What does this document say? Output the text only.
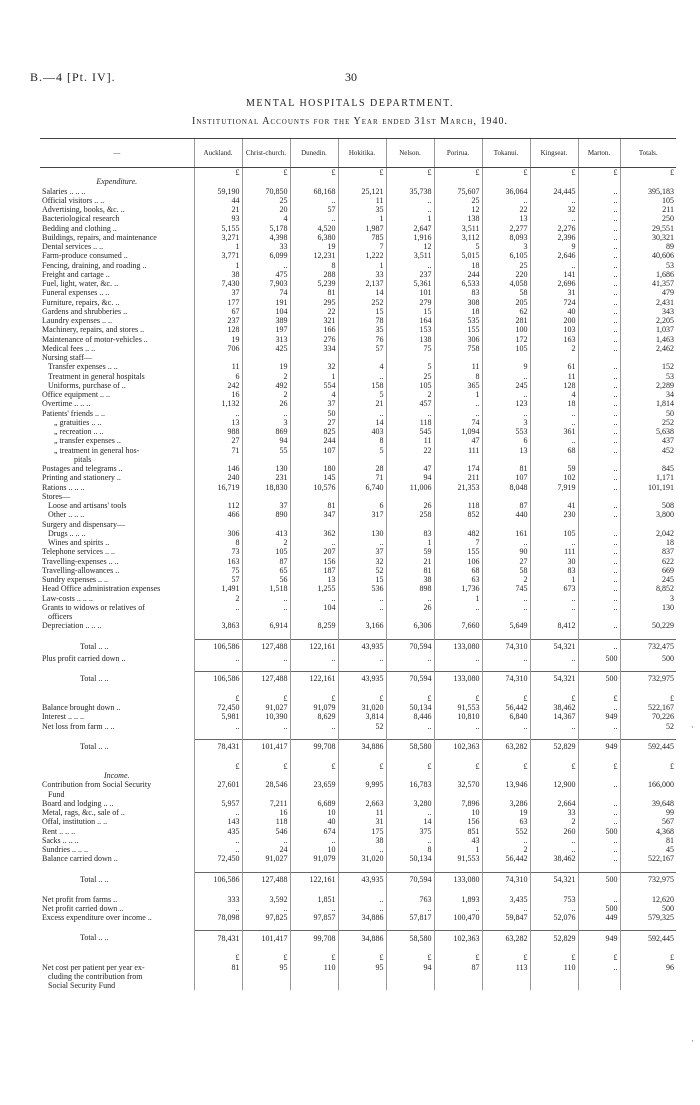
B.—4 [Pt. IV].	30
MENTAL HOSPITALS DEPARTMENT.
Institutional Accounts for the Year ended 31st March, 1940.
—	Auckland.	Christ-church.	Dunedin.	Hokitika.	Nelson.	Porirua.	Tokanui.	Kingseat.	Marton.	Totals.
	£	£	£	£	£	£	£	£	£	£
Expenditure.										
Salaries .. .. ..	59,190	70,850	68,168	25,121	35,738	75,607	36,064	24,445	..	395,183
Official visitors .. ..	44	25	..	11	..	25	..	..	..	105
Advertising, books, &c. ..	21	20	57	35	..	12	22	32	..	211
Bacteriological research	93	4	..	1	1	138	13	..	..	250
Bedding and clothing ..	5,155	5,178	4,520	1,987	2,647	3,511	2,277	2,276	..	29,551
Buildings, repairs, and maintenance	3,271	4,398	6,380	785	1,916	3,112	8,093	2,396	..	30,321
Dental services .. ..	1	33	19	7	12	5	3	9	..	89
Farm-produce consumed ..	3,771	6,099	12,231	1,222	3,511	5,015	6,105	2,646	..	40,606
Fencing, draining, and roading ..	1	..	8	1	..	18	25	..	..	53
Freight and cartage ..	38	475	288	33	237	244	220	141	..	1,686
Fuel, light, water, &c. ..	7,430	7,903	5,239	2,137	5,361	6,533	4,058	2,696	..	41,357
Funeral expenses .. ..	37	74	81	14	101	83	58	31	..	479
Furniture, repairs, &c. ..	177	191	295	252	279	308	205	724	..	2,431
Gardens and shrubberies ..	67	104	22	15	15	18	62	40	..	343
Laundry expenses .. ..	237	389	321	78	164	535	281	200	..	2,205
Machinery, repairs, and stores ..	128	197	166	35	153	155	100	103	..	1,037
Maintenance of motor-vehicles ..	19	313	276	76	138	306	172	163	..	1,463
Medical fees .. ..	706	425	334	57	75	758	105	2	..	2,462
Nursing staff—										
Transfer expenses .. ..	11	19	32	4	5	11	9	61	..	152
Treatment in general hospitals	6	2	1	..	25	8	..	11	..	53
Uniforms, purchase of ..	242	492	554	158	105	365	245	128	..	2,289
Office equipment .. ..	16	2	4	5	2	1	..	4	..	34
Overtime .. .. ..	1,132	26	37	21	457	..	123	18	..	1,814
Patients' friends .. ..	..	..	50	..	..	..	..	..	..	50
„ gratuities .. ..	13	3	27	14	118	74	3	..	..	252
„ recreation .. ..	988	869	825	403	545	1,094	553	361	..	5,638
„ transfer expenses ..	27	94	244	8	11	47	6	..	..	437
„ treatment in general hos-	71	55	107	5	22	111	13	68	..	452
pitals										
Postages and telegrams ..	146	130	180	28	47	174	81	59	..	845
Printing and stationery ..	240	231	145	71	94	211	107	102	..	1,171
Rations .. .. ..	16,719	18,830	10,576	6,740	11,006	21,353	8,048	7,919	..	101,191
Stores—										
Loose and artisans' tools	112	37	81	6	26	118	87	41	..	508
Other .. .. ..	466	890	347	317	258	852	440	230	..	3,800
Surgery and dispensary—										
Drugs .. .. ..	306	413	362	130	83	482	161	105	..	2,042
Wines and spirits ..	8	2	..	..	1	7	..	..	..	18
Telephone services .. ..	73	105	207	37	59	155	90	111	..	837
Travelling-expenses .. ..	163	87	156	32	21	106	27	30	..	622
Travelling-allowances ..	75	65	187	52	81	68	58	83	..	669
Sundry expenses .. ..	57	56	13	15	38	63	2	1	..	245
Head Office administration expenses	1,491	1,518	1,255	536	898	1,736	745	673	..	8,852
Law-costs .. .. ..	2	..	..	..	..	1	..	..	..	3
Grants to widows or relatives of	..	..	104	..	26	..	..	..	..	130
officers										
Depreciation .. .. ..	3,863	6,914	8,259	3,166	6,306	7,660	5,649	8,412	..	50,229

Total .. ..	106,586	127,488	122,161	43,935	70,594	133,080	74,310	54,321	..	732,475
Plus profit carried down ..	..	..	..	..	..	..	..	..	500	500

Total .. ..	106,586	127,488	122,161	43,935	70,594	133,080	74,310	54,321	500	732,975

	£	£	£	£	£	£	£	£	£	£
Balance brought down ..	72,450	91,027	91,079	31,020	50,134	91,553	56,442	38,462	..	522,167
Interest .. .. ..	5,981	10,390	8,629	3,814	8,446	10,810	6,840	14,367	949	70,226
Net loss from farm .. ..	..	..	..	52	..	..	..	..	..	52

Total .. ..	78,431	101,417	99,708	34,886	58,580	102,363	63,282	52,829	949	592,445

	£	£	£	£	£	£	£	£	£	£
Income.										
Contribution from Social Security	27,601	28,546	23,659	9,995	16,783	32,570	13,946	12,900	..	166,000
Fund										
Board and lodging .. ..	5,957	7,211	6,689	2,663	3,280	7,896	3,286	2,664	..	39,648
Metal, rags, &c., sale of ..	..	16	10	11	..	10	19	33	..	99
Offal, institution .. ..	143	118	40	31	14	156	63	2	..	567
Rent .. .. ..	435	546	674	175	375	851	552	260	500	4,368
Sacks .. .. ..	..	..	..	38	..	43	..	..	..	81
Sundries .. .. ..	..	24	10	..	8	1	2	..	..	45
Balance carried down ..	72,450	91,027	91,079	31,020	50,134	91,553	56,442	38,462	..	522,167

Total .. ..	106,586	127,488	122,161	43,935	70,594	133,080	74,310	54,321	500	732,975

Net profit from farms ..	333	3,592	1,851	..	763	1,893	3,435	753	..	12,620
Net profit carried down ..	..	..	..	..	..	..	..	..	500	500
Excess expenditure over income ..	78,098	97,825	97,857	34,886	57,817	100,470	59,847	52,076	449	579,325

Total .. ..	78,431	101,417	99,708	34,886	58,580	102,363	63,282	52,829	949	592,445

	£	£	£	£	£	£	£	£	£	£
Net cost per patient per year ex-	81	95	110	95	94	87	113	110	..	96
cluding the contribution from										
Social Security Fund										
·
·
